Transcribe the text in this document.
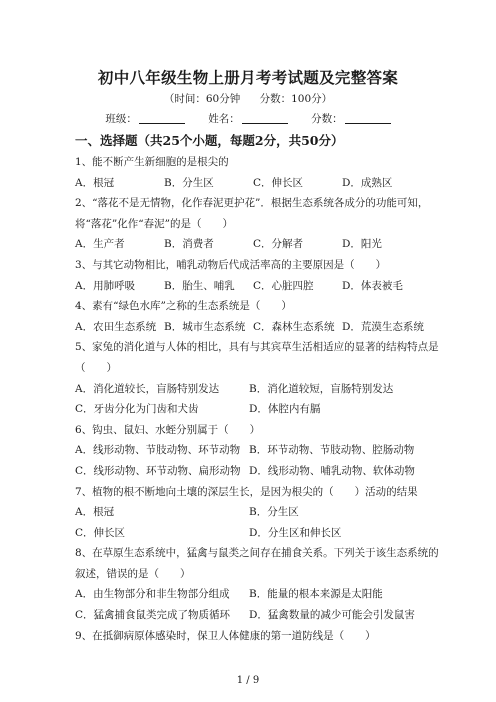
初中八年级生物上册月考考试题及完整答案
（时间：60分钟 分数：100分）
班级：	姓名：	分数：
一、选择题（共25个小题，每题2分，共50分）
1、能不断产生新细胞的是根尖的
A．根冠	B．分生区	C．伸长区	D．成熟区
2、“落花不是无情物，化作春泥更护花”．根据生态系统各成分的功能可知，
将“落花”化作“春泥”的是（　　）
A．生产者	B．消费者	C．分解者	D．阳光
3、与其它动物相比，哺乳动物后代成活率高的主要原因是（　　）
A．用肺呼吸	B．胎生、哺乳	C．心脏四腔	D．体表被毛
4、素有“绿色水库”之称的生态系统是（　　）
A．农田生态系统 B．城市生态系统 C．森林生态系统 D．荒漠生态系统
5、家兔的消化道与人体的相比，具有与其宾草生活相适应的显著的结构特点是
（　　）
A．消化道较长，盲肠特别发达	B．消化道较短，盲肠特别发达
C．牙齿分化为门齿和犬齿	D．体腔内有膈
6、钩虫、鼠妇、水蛭分别属于（　　）
A．线形动物、节肢动物、环节动物 B．环节动物、节肢动物、腔肠动物
C．线形动物、环节动物、扁形动物 D．线形动物、哺乳动物、软体动物
7、植物的根不断地向土壤的深层生长，是因为根尖的（　　）活动的结果
A．根冠	B．分生区
C．伸长区	D．分生区和伸长区
8、在草原生态系统中，猛禽与鼠类之间存在捕食关系。下列关于该生态系统的
叙述，错误的是（　　）
A．由生物部分和非生物部分组成	B．能量的根本来源是太阳能
C．猛禽捕食鼠类完成了物质循环	D．猛禽数量的减少可能会引发鼠害
9、在抵御病原体感染时，保卫人体健康的第一道防线是（　　）
1 / 9
